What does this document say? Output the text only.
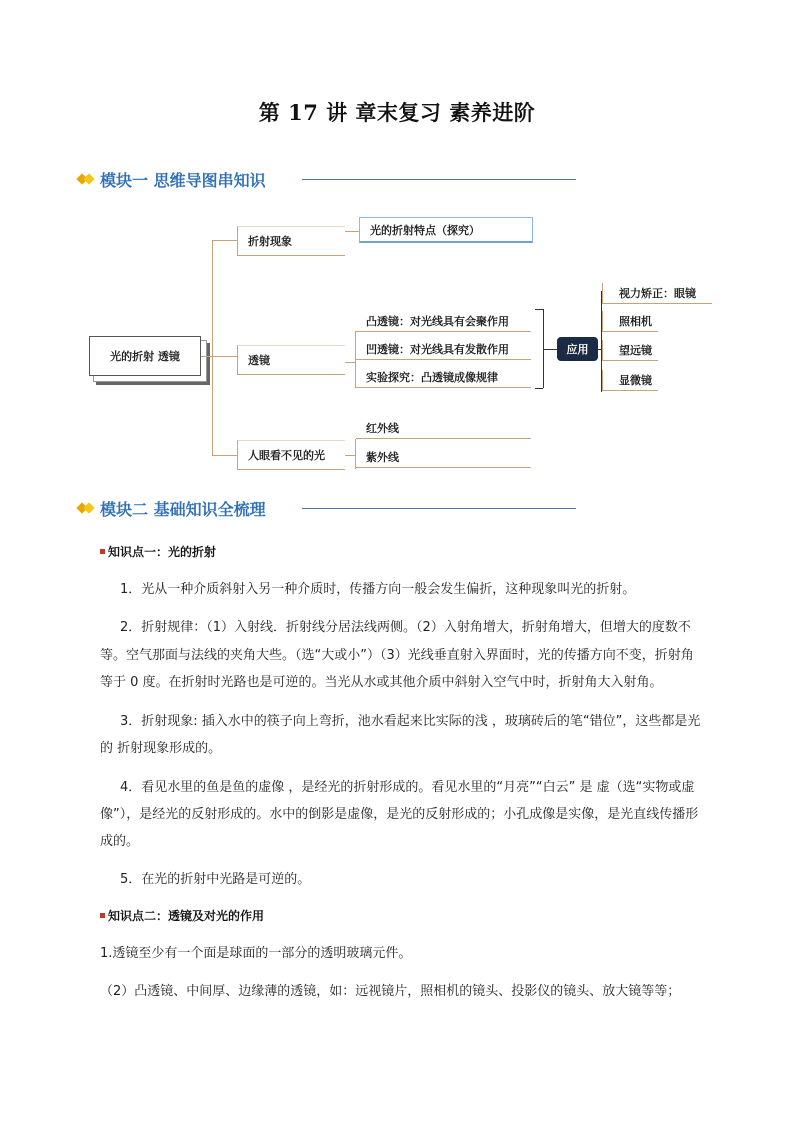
第 17 讲 章末复习 素养进阶
模块一 思维导图串知识
光的折射 透镜
折射现象
光的折射特点（探究）
透镜
凸透镜：对光线具有会聚作用
凹透镜：对光线具有发散作用
实验探究：凸透镜成像规律
应用
视力矫正：眼镜
照相机
望远镜
显微镜
人眼看不见的光
红外线
紫外线
模块二 基础知识全梳理
知识点一：光的折射
1．光从一种介质斜射入另一种介质时，传播方向一般会发生偏折，这种现象叫光的折射。
2．折射规律：（1）入射线．折射线分居法线两侧。（2）入射角增大，折射角增大，但增大的度数不
等。空气那面与法线的夹角大些。（选“大或小”）（3）光线垂直射入界面时，光的传播方向不变，折射角
等于 0 度。在折射时光路也是可逆的。当光从水或其他介质中斜射入空气中时，折射角大入射角。
3．折射现象: 插入水中的筷子向上弯折，池水看起来比实际的浅 ，玻璃砖后的笔“错位”，这些都是光
的 折射现象形成的。
4．看见水里的鱼是鱼的虚像 ，是经光的折射形成的。看见水里的“月亮”“白云” 是 虚（选“实物或虚
像”），是经光的反射形成的。水中的倒影是虚像，是光的反射形成的；小孔成像是实像，是光直线传播形
成的。
5．在光的折射中光路是可逆的。
知识点二：透镜及对光的作用
1.透镜至少有一个面是球面的一部分的透明玻璃元件。
（2）凸透镜、中间厚、边缘薄的透镜，如：远视镜片，照相机的镜头、投影仪的镜头、放大镜等等；
